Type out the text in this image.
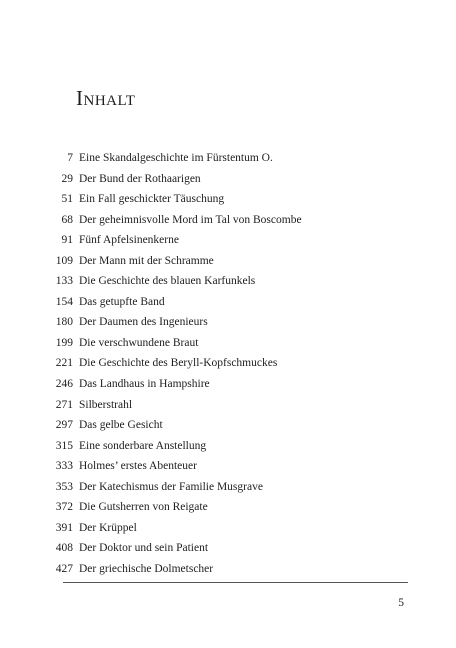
Inhalt
7 Eine Skandalgeschichte im Fürstentum O.
29 Der Bund der Rothaarigen
51 Ein Fall geschickter Täuschung
68 Der geheimnisvolle Mord im Tal von Boscombe
91 Fünf Apfelsinenkerne
109 Der Mann mit der Schramme
133 Die Geschichte des blauen Karfunkels
154 Das getupfte Band
180 Der Daumen des Ingenieurs
199 Die verschwundene Braut
221 Die Geschichte des Beryll-Kopfschmuckes
246 Das Landhaus in Hampshire
271 Silberstrahl
297 Das gelbe Gesicht
315 Eine sonderbare Anstellung
333 Holmes’ erstes Abenteuer
353 Der Katechismus der Familie Musgrave
372 Die Gutsherren von Reigate
391 Der Krüppel
408 Der Doktor und sein Patient
427 Der griechische Dolmetscher
5
